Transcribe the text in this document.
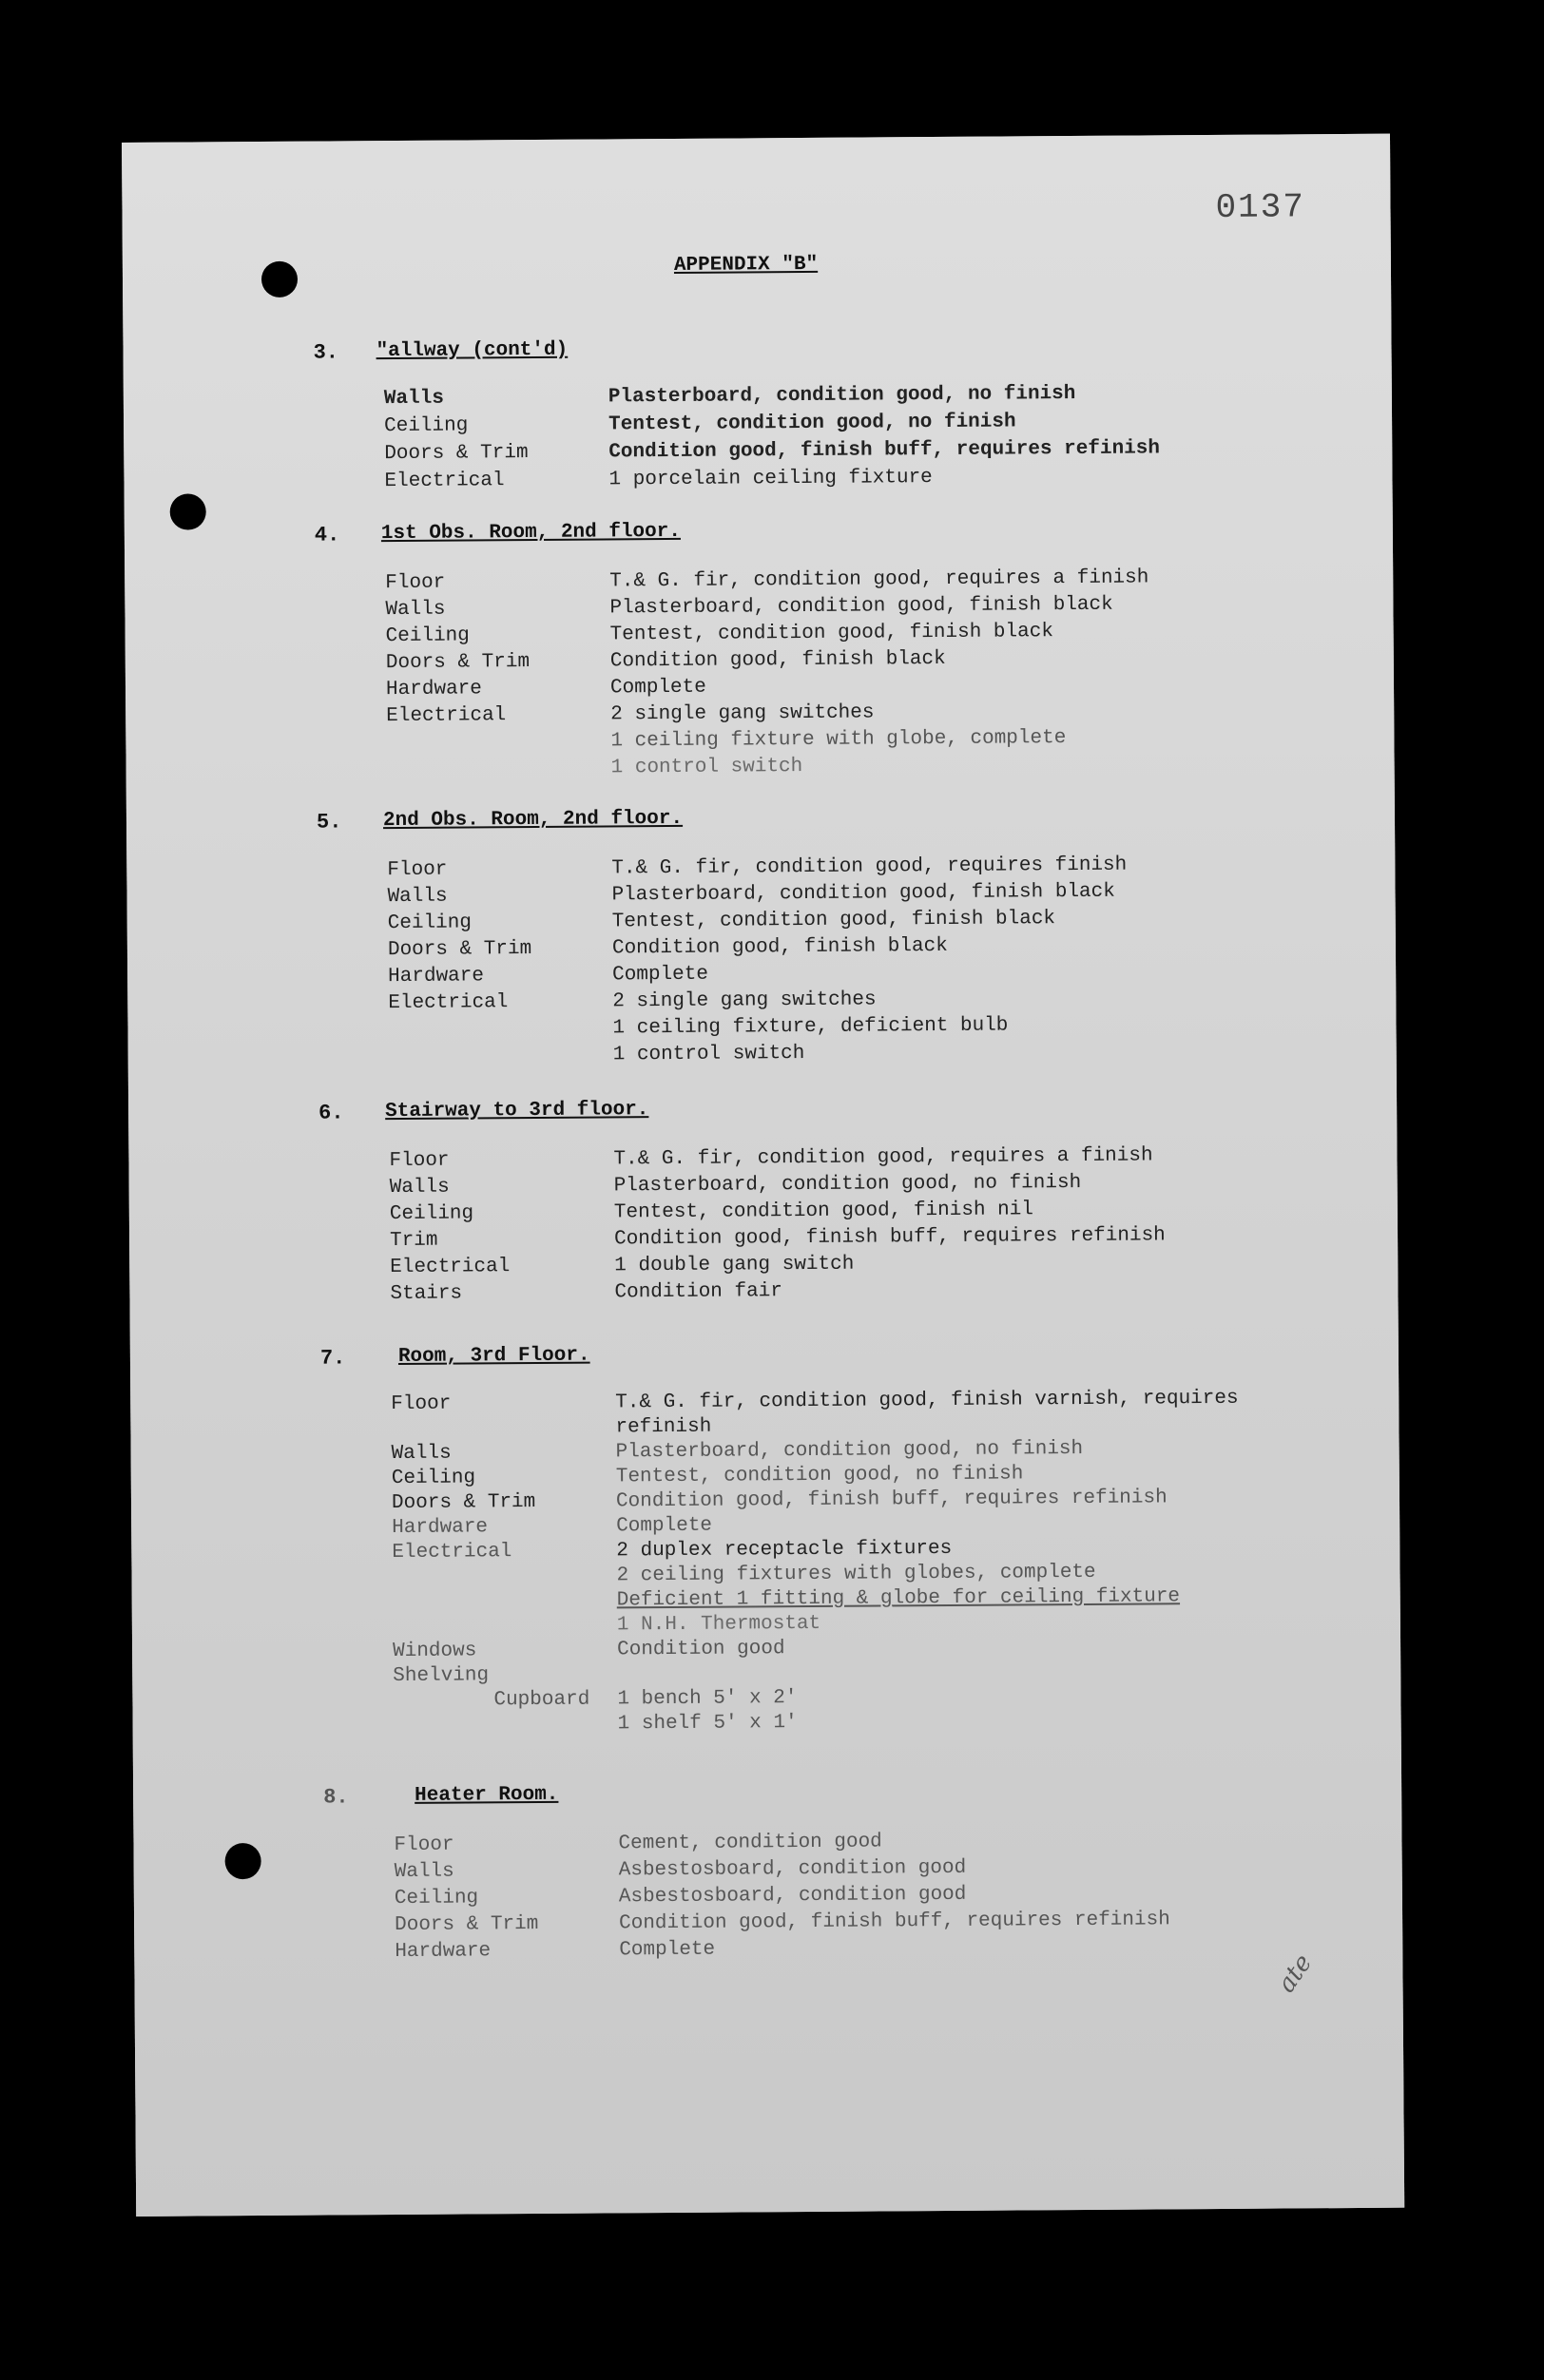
0137
APPENDIX "B"
3. "allway (cont'd)
Walls	Plasterboard, condition good, no finish
Ceiling	Tentest, condition good, no finish
Doors & Trim	Condition good, finish buff, requires refinish
Electrical	1 porcelain ceiling fixture
4. 1st Obs. Room, 2nd floor.
Floor	T.& G. fir, condition good, requires a finish
Walls	Plasterboard, condition good, finish black
Ceiling	Tentest, condition good, finish black
Doors & Trim	Condition good, finish black
Hardware	Complete
Electrical	2 single gang switches
1 ceiling fixture with globe, complete
1 control switch
5. 2nd Obs. Room, 2nd floor.
Floor	T.& G. fir, condition good, requires finish
Walls	Plasterboard, condition good, finish black
Ceiling	Tentest, condition good, finish black
Doors & Trim	Condition good, finish black
Hardware	Complete
Electrical	2 single gang switches
1 ceiling fixture, deficient bulb
1 control switch
6. Stairway to 3rd floor.
Floor	T.& G. fir, condition good, requires a finish
Walls	Plasterboard, condition good, no finish
Ceiling	Tentest, condition good, finish nil
Trim	Condition good, finish buff, requires refinish
Electrical	1 double gang switch
Stairs	Condition fair
7.	Room, 3rd Floor.
Floor	T.& G. fir, condition good, finish varnish, requires
refinish
Walls	Plasterboard, condition good, no finish
Ceiling	Tentest, condition good, no finish
Doors & Trim	Condition good, finish buff, requires refinish
Hardware	Complete
Electrical	2 duplex receptacle fixtures
2 ceiling fixtures with globes, complete
Deficient 1 fitting & globe for ceiling fixture
1 N.H. Thermostat
Windows	Condition good
Shelving
Cupboard 1 bench 5' x 2'
1 shelf 5' x 1'
8.	Heater Room.
Floor	Cement, condition good
Walls	Asbestosboard, condition good
Ceiling	Asbestosboard, condition good
Doors & Trim	Condition good, finish buff, requires refinish
Hardware	Complete	ate
